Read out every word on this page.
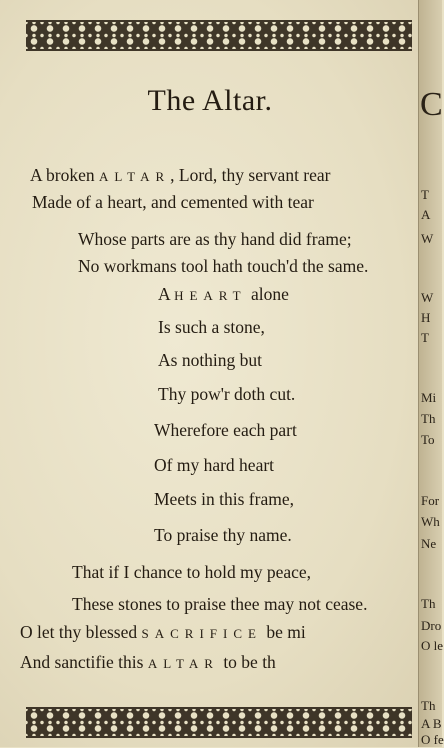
The Altar.
A broken ALTAR, Lord, thy servant rear
Made of a heart, and cemented with tear
Whose parts are as thy hand did frame;
No workmans tool hath touch'd the same.
A HEART alone
Is such a stone,
As nothing but
Thy pow'r doth cut.
Wherefore each part
Of my hard heart
Meets in this frame,
To praise thy name.
That if I chance to hold my peace,
These stones to praise thee may not cease.
O let thy blessed SACRIFICE be mi
And sanctifie this ALTAR to be th
T
A
W
W
H
T
Mi
Th
To
For
Wh
Ne
Th
Dro
O le
Th
A B
O fe
C
